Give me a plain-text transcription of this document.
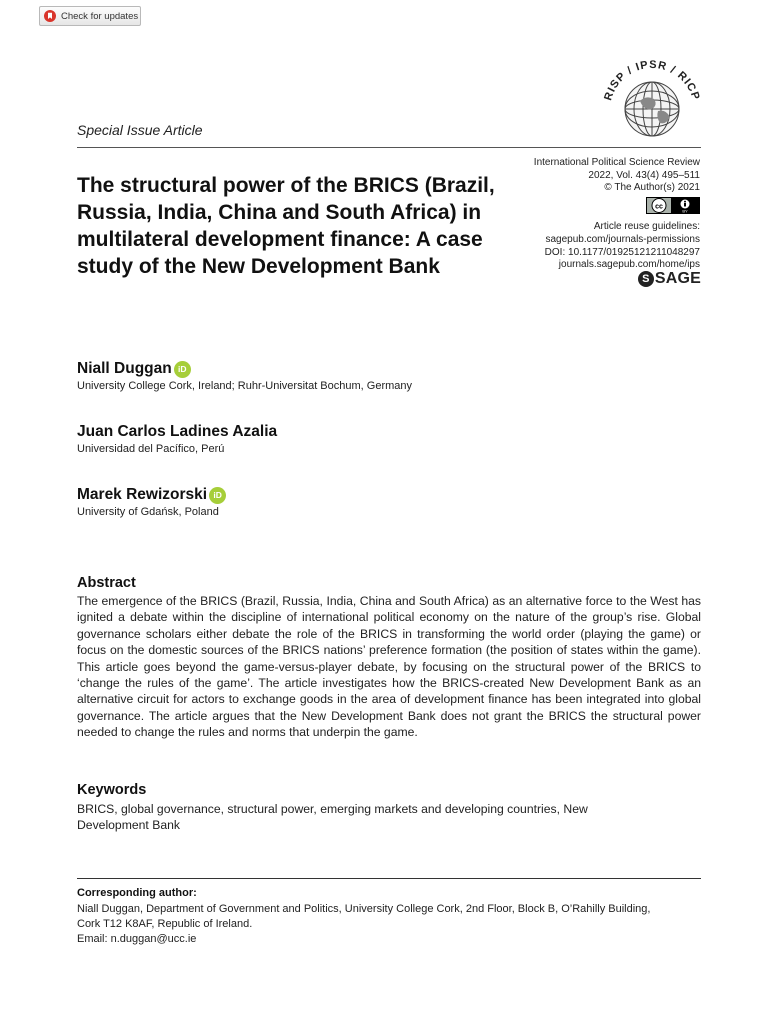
Check for updates
RISP / IPSR / RICP
Special Issue Article
The structural power of the BRICS (Brazil, Russia, India, China and South Africa) in multilateral development finance: A case study of the New Development Bank
International Political Science Review
2022, Vol. 43(4) 495–511
© The Author(s) 2021
cc
BY
Article reuse guidelines:
sagepub.com/journals-permissions
DOI: 10.1177/01925121211048297
journals.sagepub.com/home/ips
S SAGE
Niall Duggan iD
University College Cork, Ireland; Ruhr-Universitat Bochum, Germany
Juan Carlos Ladines Azalia
Universidad del Pacífico, Perú
Marek Rewizorski iD
University of Gdańsk, Poland
Abstract
The emergence of the BRICS (Brazil, Russia, India, China and South Africa) as an alternative force to the West has ignited a debate within the discipline of international political economy on the nature of the group’s rise. Global governance scholars either debate the role of the BRICS in transforming the world order (playing the game) or focus on the domestic sources of the BRICS nations’ preference formation (the position of states within the game). This article goes beyond the game-versus-player debate, by focusing on the structural power of the BRICS to ‘change the rules of the game’. The article investigates how the BRICS-created New Development Bank as an alternative circuit for actors to exchange goods in the area of development finance has been integrated into global governance. The article argues that the New Development Bank does not grant the BRICS the structural power needed to change the rules and norms that underpin the game.
Keywords
BRICS, global governance, structural power, emerging markets and developing countries, New Development Bank
Corresponding author:
Niall Duggan, Department of Government and Politics, University College Cork, 2nd Floor, Block B, O’Rahilly Building,
Cork T12 K8AF, Republic of Ireland.
Email: n.duggan@ucc.ie
